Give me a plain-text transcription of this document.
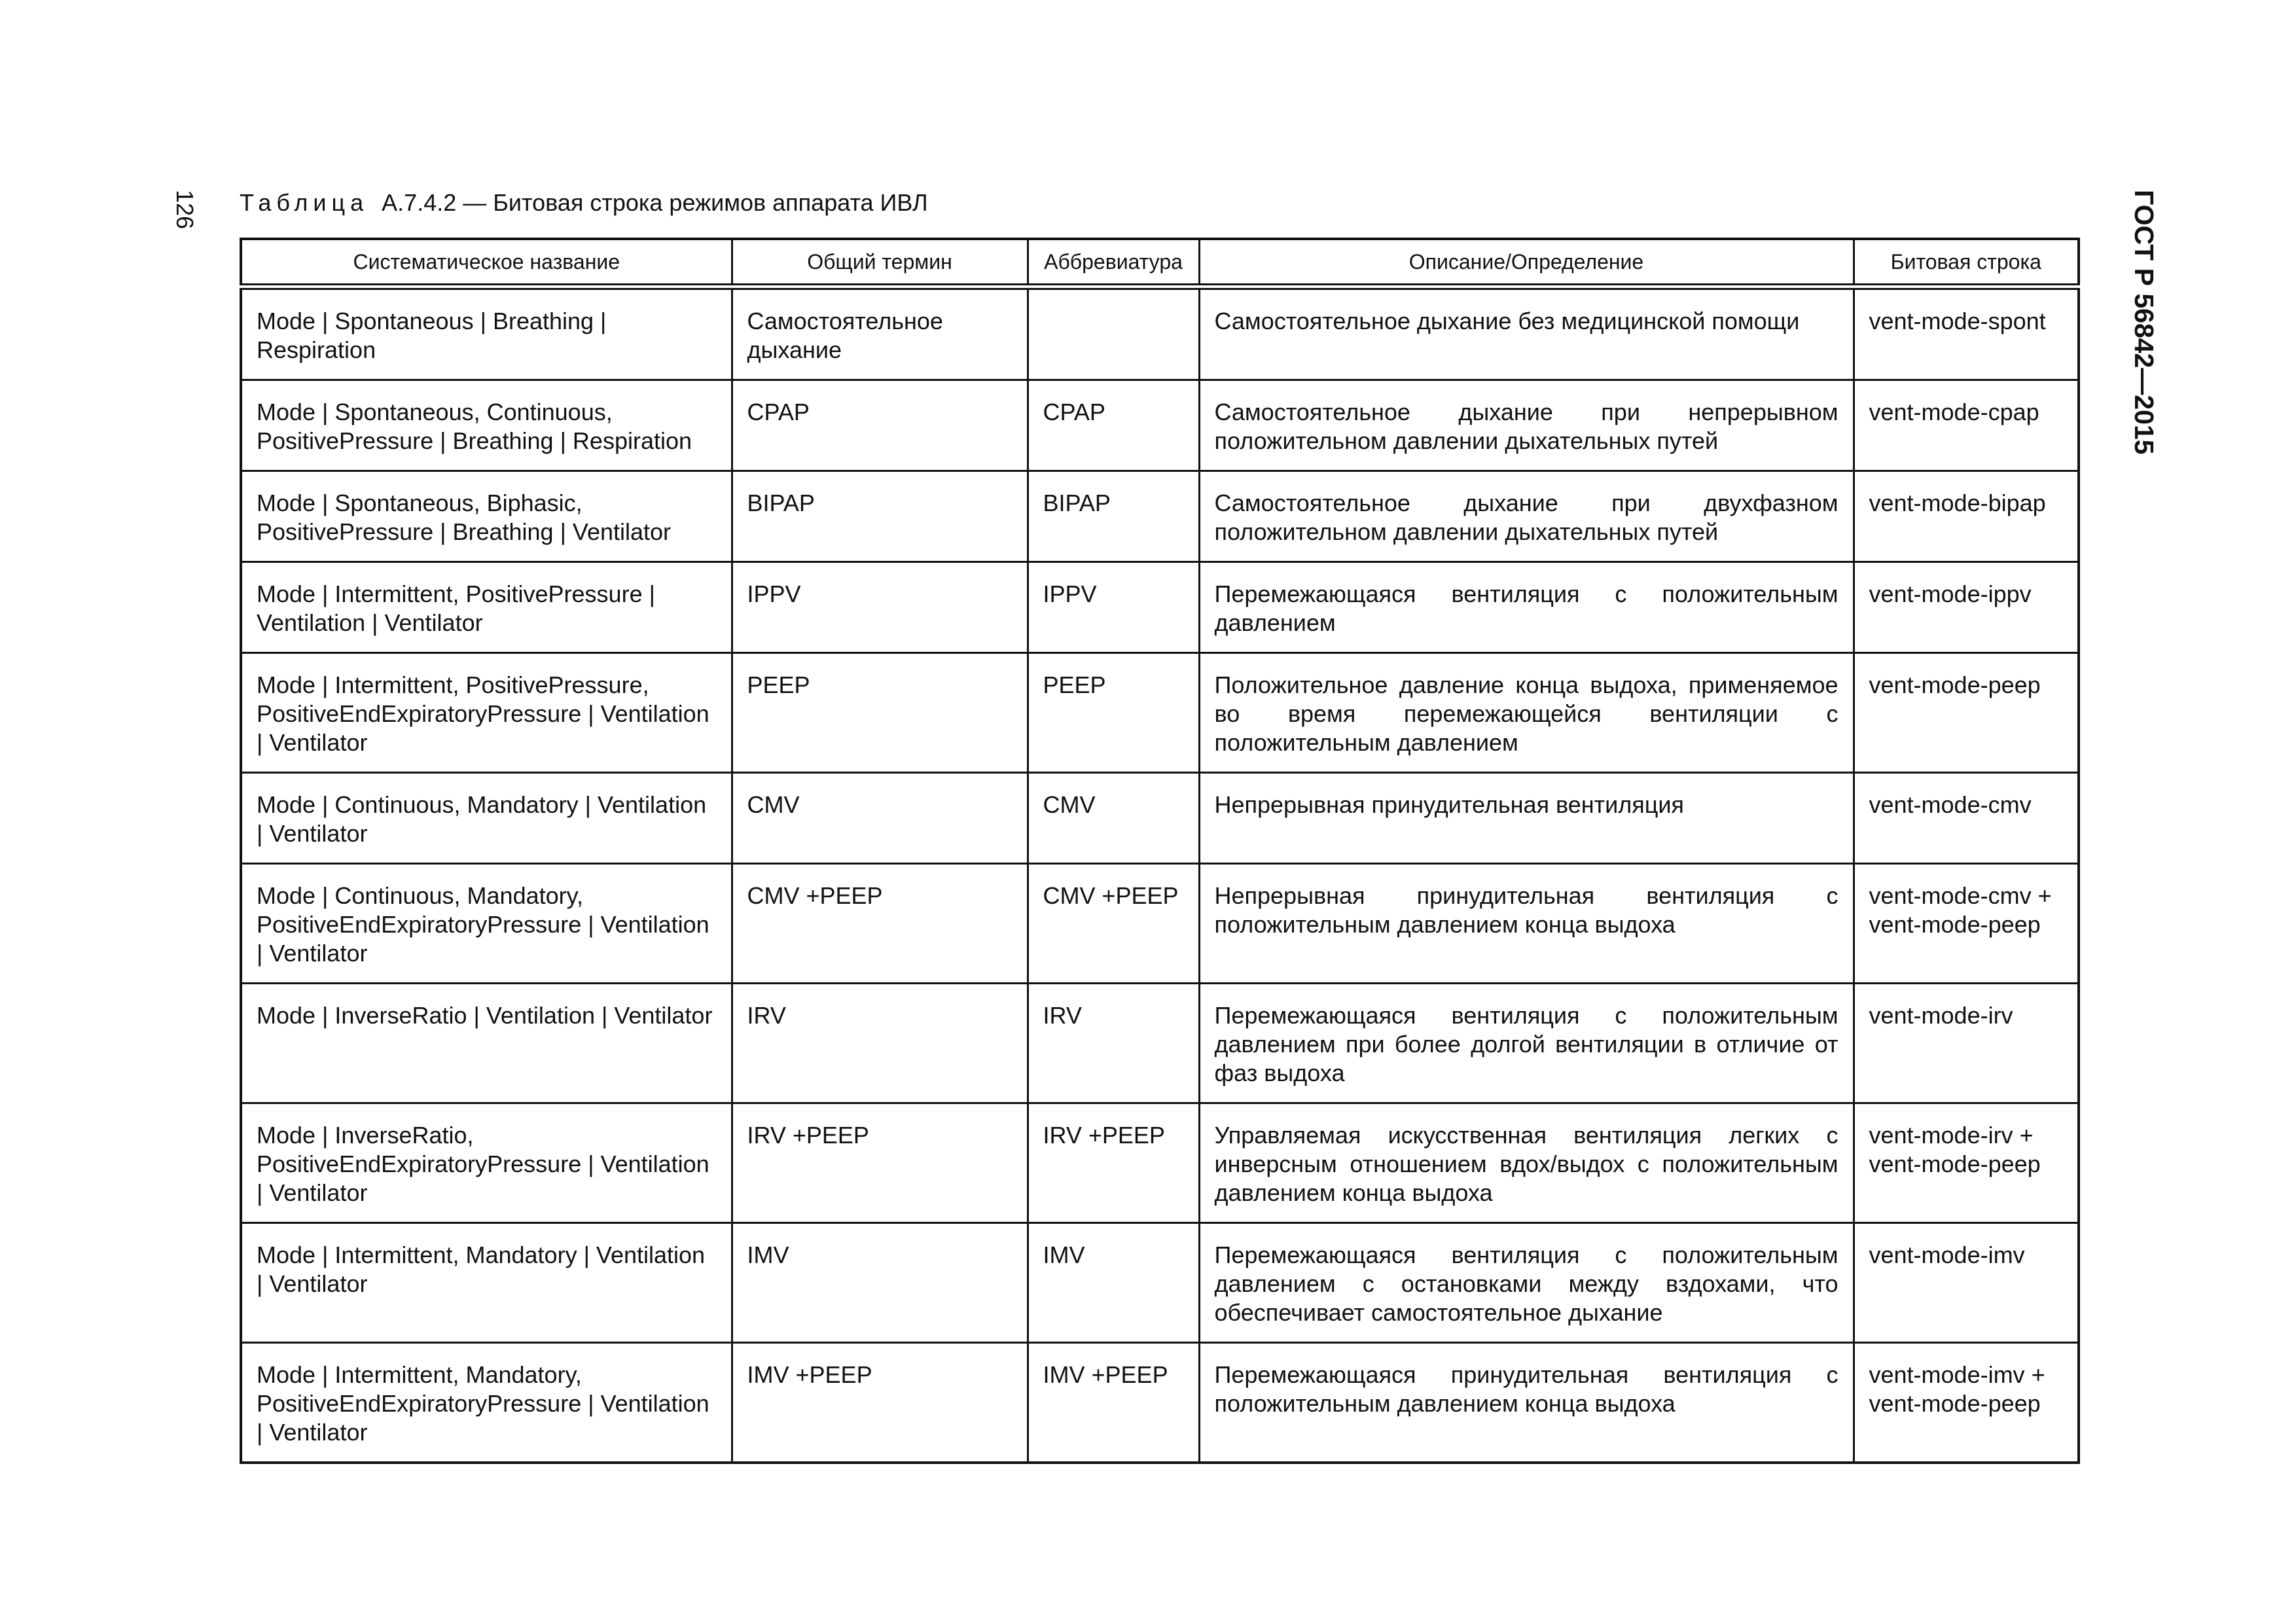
126	ГОСТ Р 56842—2015
Таблица А.7.4.2 — Битовая строка режимов аппарата ИВЛ
Систематическое название	Общий термин	Аббревиатура	Описание/Определение	Битовая строка
Mode | Spontaneous | Breathing | Respiration	Самостоятельное дыхание		Самостоятельное дыхание без медицинской помощи	vent-mode-spont
Mode | Spontaneous, Continuous, PositivePressure | Breathing | Respiration	CPAP	CPAP	Самостоятельное дыхание при непрерывном положительном давлении дыхательных путей	vent-mode-cpap
Mode | Spontaneous, Biphasic, PositivePressure | Breathing | Ventilator	BIPAP	BIPAP	Самостоятельное дыхание при двухфазном положительном давлении дыхательных путей	vent-mode-bipap
Mode | Intermittent, PositivePressure | Ventilation | Ventilator	IPPV	IPPV	Перемежающаяся вентиляция с положительным давлением	vent-mode-ippv
Mode | Intermittent, PositivePressure, PositiveEndExpiratoryPressure | Ventilation | Ventilator	PEEP	PEEP	Положительное давление конца выдоха, применяемое во время перемежающейся вентиляции с положительным давлением	vent-mode-peep
Mode | Continuous, Mandatory | Ventilation | Ventilator	CMV	CMV	Непрерывная принудительная вентиляция	vent-mode-cmv
Mode | Continuous, Mandatory, PositiveEndExpiratoryPressure | Ventilation | Ventilator	CMV +PEEP	CMV +PEEP	Непрерывная принудительная вентиляция с положительным давлением конца выдоха	vent-mode-cmv + vent-mode-peep
Mode | InverseRatio | Ventilation | Ventilator	IRV	IRV	Перемежающаяся вентиляция с положительным давлением при более долгой вентиляции в отличие от фаз выдоха	vent-mode-irv
Mode | InverseRatio, PositiveEndExpiratoryPressure | Ventilation | Ventilator	IRV +PEEP	IRV +PEEP	Управляемая искусственная вентиляция легких с инверсным отношением вдох/выдох с положительным давлением конца выдоха	vent-mode-irv + vent-mode-peep
Mode | Intermittent, Mandatory | Ventilation | Ventilator	IMV	IMV	Перемежающаяся вентиляция с положительным давлением с остановками между вздохами, что обеспечивает самостоятельное дыхание	vent-mode-imv
Mode | Intermittent, Mandatory, PositiveEndExpiratoryPressure | Ventilation | Ventilator	IMV +PEEP	IMV +PEEP	Перемежающаяся принудительная вентиляция с положительным давлением конца выдоха	vent-mode-imv + vent-mode-peep
